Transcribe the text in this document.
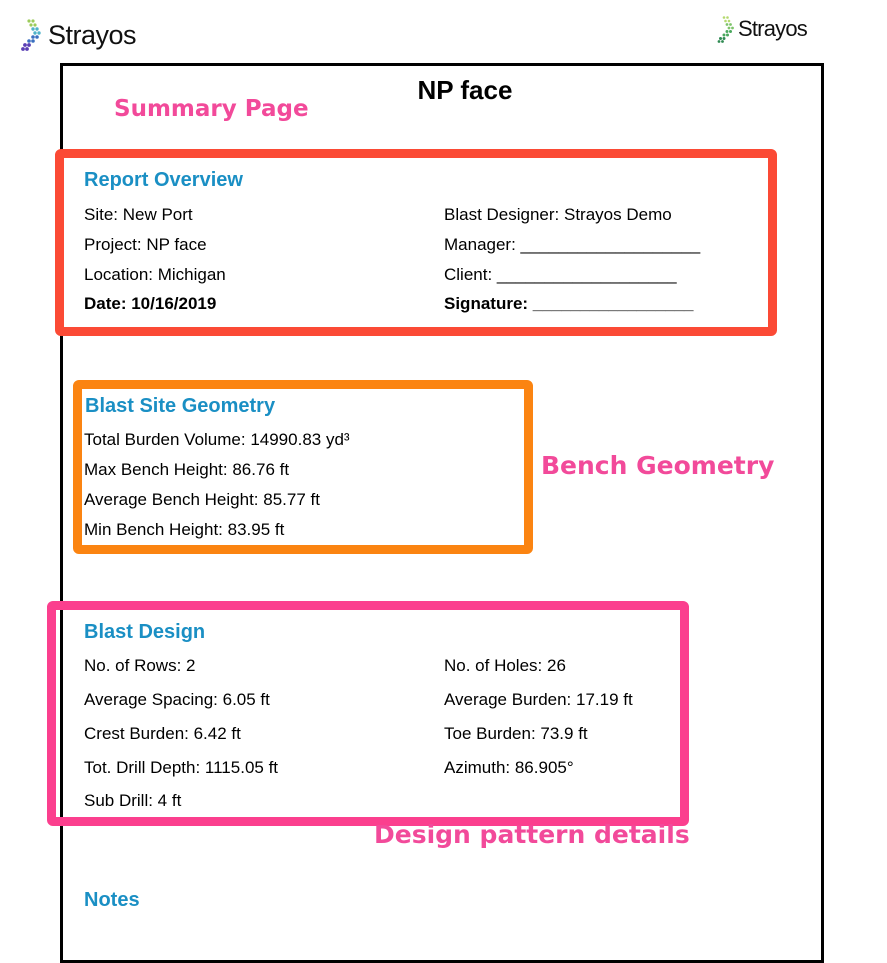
Strayos	Strayos
NP face
Summary Page
Report Overview
Site: New Port
Project: NP face
Location: Michigan
Date: 10/16/2019
Blast Designer: Strayos Demo
Manager: ___________________
Client: ___________________
Signature: _________________
Blast Site Geometry
Total Burden Volume: 14990.83 yd³
Max Bench Height: 86.76 ft
Average Bench Height: 85.77 ft
Min Bench Height: 83.95 ft
Bench Geometry
Blast Design
No. of Rows: 2
Average Spacing: 6.05 ft
Crest Burden: 6.42 ft
Tot. Drill Depth: 1115.05 ft
Sub Drill: 4 ft
No. of Holes: 26
Average Burden: 17.19 ft
Toe Burden: 73.9 ft
Azimuth: 86.905°
Design pattern details
Notes
